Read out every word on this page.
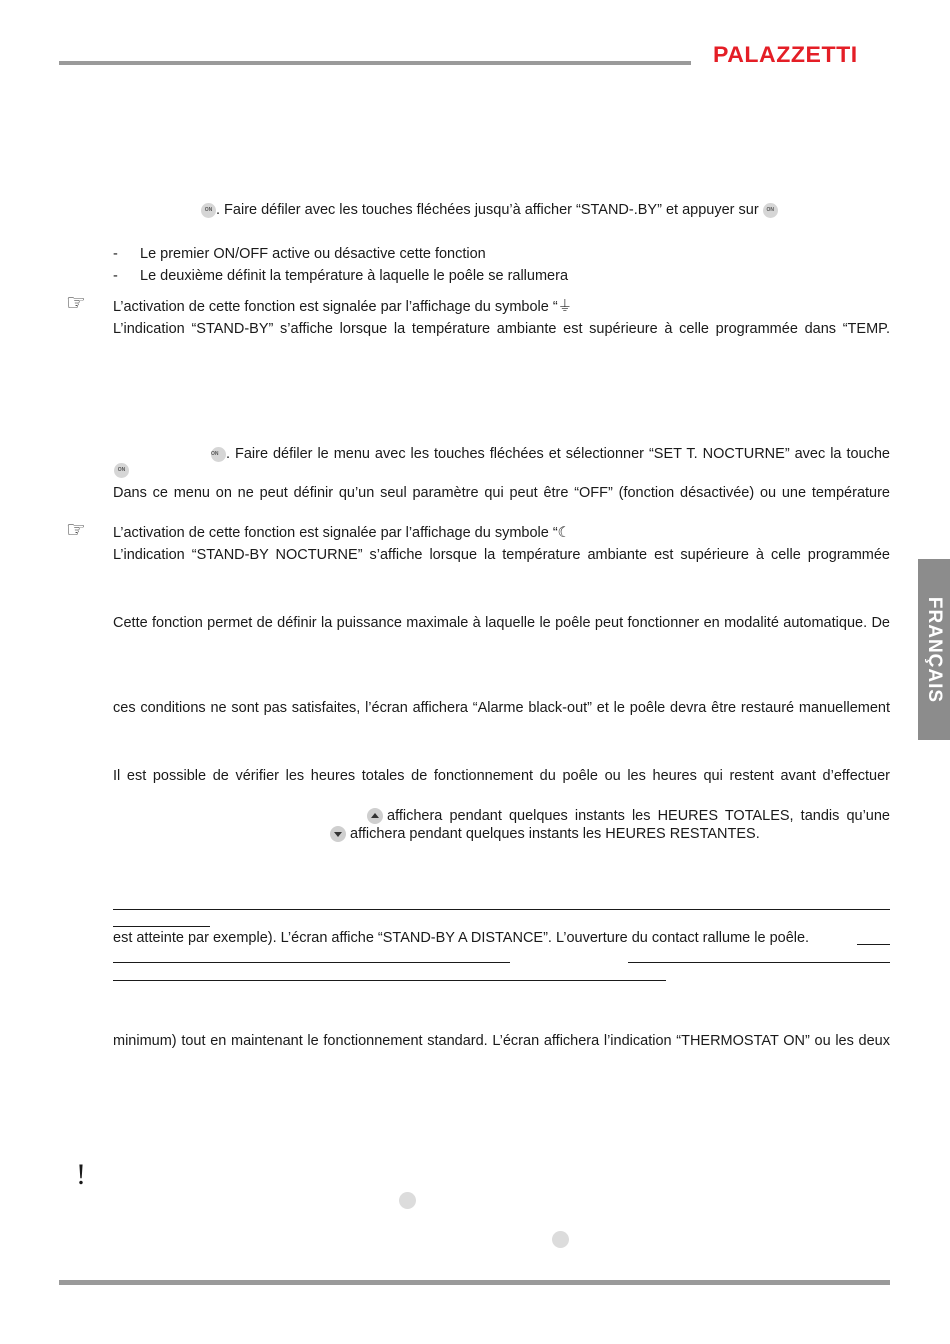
PALAZZETTI
FRANÇAIS
ON . Faire défiler avec les touches fléchées jusqu’à afficher “STAND-.BY” et appuyer sur ON
- Le premier ON/OFF active ou désactive cette fonction
- Le deuxième définit la température à laquelle le poêle se rallumera
☞ L’activation de cette fonction est signalée par l’affichage du symbole “⏚
L’indication “STAND-BY” s’affiche lorsque la température ambiante est supérieure à celle programmée dans “TEMP.
ON . Faire défiler le menu avec les touches fléchées et sélectionner “SET T. NOCTURNE” avec la touche
ON
Dans ce menu on ne peut définir qu’un seul paramètre qui peut être “OFF” (fonction désactivée) ou une température
☞ L’activation de cette fonction est signalée par l’affichage du symbole “☾
L’indication “STAND-BY NOCTURNE” s’affiche lorsque la température ambiante est supérieure à celle programmée
Cette fonction permet de définir la puissance maximale à laquelle le poêle peut fonctionner en modalité automatique. De
ces conditions ne sont pas satisfaites, l’écran affichera “Alarme black-out” et le poêle devra être restauré manuellement
Il est possible de vérifier les heures totales de fonctionnement du poêle ou les heures qui restent avant d’effectuer
affichera pendant quelques instants les HEURES TOTALES, tandis qu’une
affichera pendant quelques instants les HEURES RESTANTES.
est atteinte par exemple). L’écran affiche “STAND-BY A DISTANCE”. L’ouverture du contact rallume le poêle.
minimum) tout en maintenant le fonctionnement standard. L’écran affichera l’indication “THERMOSTAT ON” ou les deux
!
